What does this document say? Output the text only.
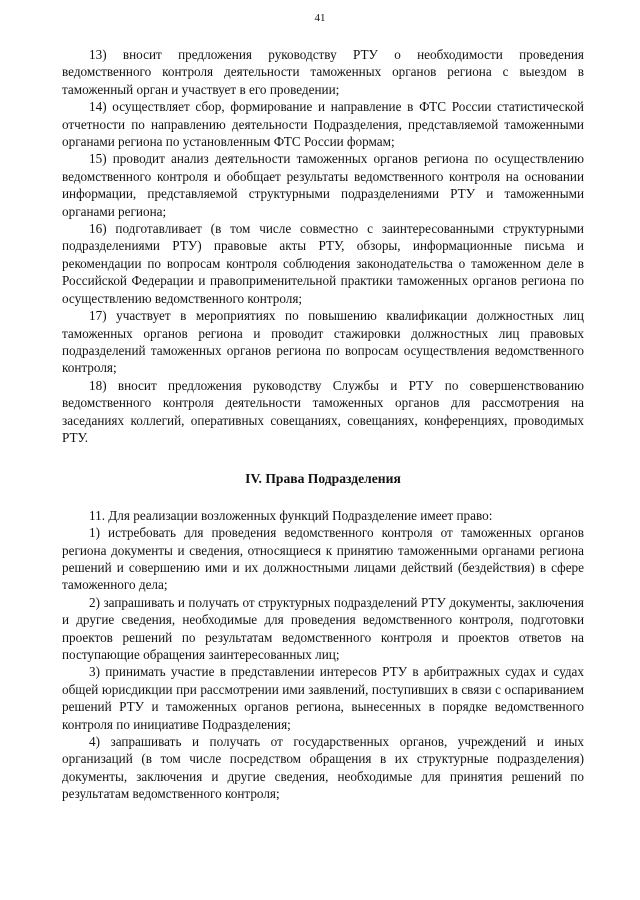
41

13) вносит предложения руководству РТУ о необходимости проведения ведомственного контроля деятельности таможенных органов региона с выездом в таможенный орган и участвует в его проведении;

14) осуществляет сбор, формирование и направление в ФТС России статистической отчетности по направлению деятельности Подразделения, представляемой таможенными органами региона по установленным ФТС России формам;

15) проводит анализ деятельности таможенных органов региона по осуществлению ведомственного контроля и обобщает результаты ведомственного контроля на основании информации, представляемой структурными подразделениями РТУ и таможенными органами региона;

16) подготавливает (в том числе совместно с заинтересованными структурными подразделениями РТУ) правовые акты РТУ, обзоры, информационные письма и рекомендации по вопросам контроля соблюдения законодательства о таможенном деле в Российской Федерации и правоприменительной практики таможенных органов региона по осуществлению ведомственного контроля;

17) участвует в мероприятиях по повышению квалификации должностных лиц таможенных органов региона и проводит стажировки должностных лиц правовых подразделений таможенных органов региона по вопросам осуществления ведомственного контроля;

18) вносит предложения руководству Службы и РТУ по совершенствованию ведомственного контроля деятельности таможенных органов для рассмотрения на заседаниях коллегий, оперативных совещаниях, совещаниях, конференциях, проводимых РТУ.

IV. Права Подразделения

11. Для реализации возложенных функций Подразделение имеет право:

1) истребовать для проведения ведомственного контроля от таможенных органов региона документы и сведения, относящиеся к принятию таможенными органами региона решений и совершению ими и их должностными лицами действий (бездействия) в сфере таможенного дела;

2) запрашивать и получать от структурных подразделений РТУ документы, заключения и другие сведения, необходимые для проведения ведомственного контроля, подготовки проектов решений по результатам ведомственного контроля и проектов ответов на поступающие обращения заинтересованных лиц;

3) принимать участие в представлении интересов РТУ в арбитражных судах и судах общей юрисдикции при рассмотрении ими заявлений, поступивших в связи с оспариванием решений РТУ и таможенных органов региона, вынесенных в порядке ведомственного контроля по инициативе Подразделения;

4) запрашивать и получать от государственных органов, учреждений и иных организаций (в том числе посредством обращения в их структурные подразделения) документы, заключения и другие сведения, необходимые для принятия решений по результатам ведомственного контроля;
